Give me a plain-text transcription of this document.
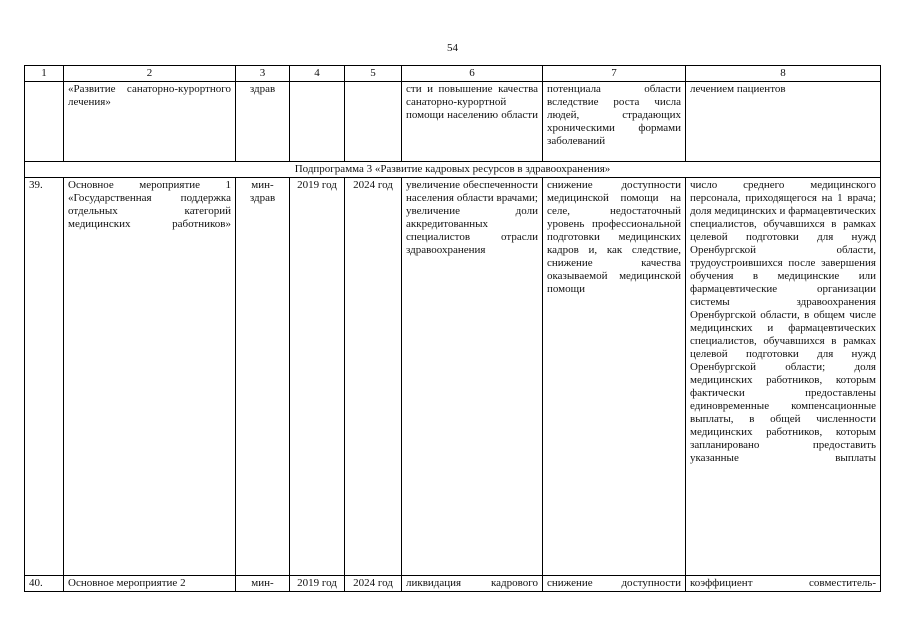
54
1	2	3	4	5	6	7	8
	«Развитие санаторно-курортного лечения»	здрав			сти и повышение качества санаторно-курортной помощи населению области	потенциала области вследствие роста числа людей, страдающих хроническими формами заболеваний	лечением пациентов
Подпрограмма 3 «Развитие кадровых ресурсов в здравоохранения»							
39.	Основное мероприятие 1 «Государственная поддержка отдельных категорий медицинских работников»	мин-здрав	2019 год	2024 год	увеличение обеспеченности населения области врачами; увеличение доли аккредитованных специалистов отрасли здравоохранения	снижение доступности медицинской помощи на селе, недостаточный уровень профессиональной подготовки медицинских кадров и, как следствие, снижение качества оказываемой медицинской помощи	число среднего медицинского персонала, приходящегося на 1 врача; доля медицинских и фармацевтических специалистов, обучавшихся в рамках целевой подготовки для нужд Оренбургской области, трудоустроившихся после завершения обучения в медицинские или фармацевтические организации системы здравоохранения Оренбургской области, в общем числе медицинских и фармацевтических специалистов, обучавшихся в рамках целевой подготовки для нужд Оренбургской области; доля медицинских работников, которым фактически предоставлены единовременные компенсационные выплаты, в общей численности медицинских работников, которым запланировано предоставить указанные выплаты
40.	Основное мероприятие 2	мин-	2019 год	2024 год	ликвидация кадрового	снижение доступности	коэффициент совместитель-
